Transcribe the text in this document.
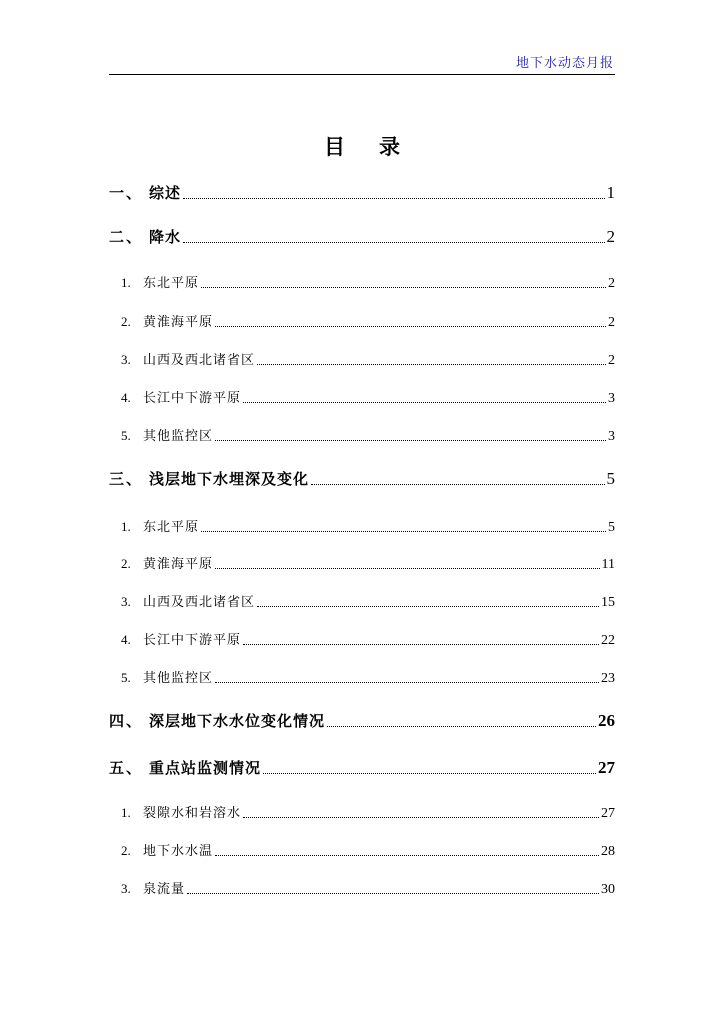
地下水动态月报
目录
一、 综述	1
二、 降水	2
1. 东北平原	2
2. 黄淮海平原	2
3. 山西及西北诸省区	2
4. 长江中下游平原	3
5. 其他监控区	3
三、 浅层地下水埋深及变化	5
1. 东北平原	5
2. 黄淮海平原	11
3. 山西及西北诸省区	15
4. 长江中下游平原	22
5. 其他监控区	23
四、 深层地下水水位变化情况	26
五、 重点站监测情况	27
1. 裂隙水和岩溶水	27
2. 地下水水温	28
3. 泉流量	30
